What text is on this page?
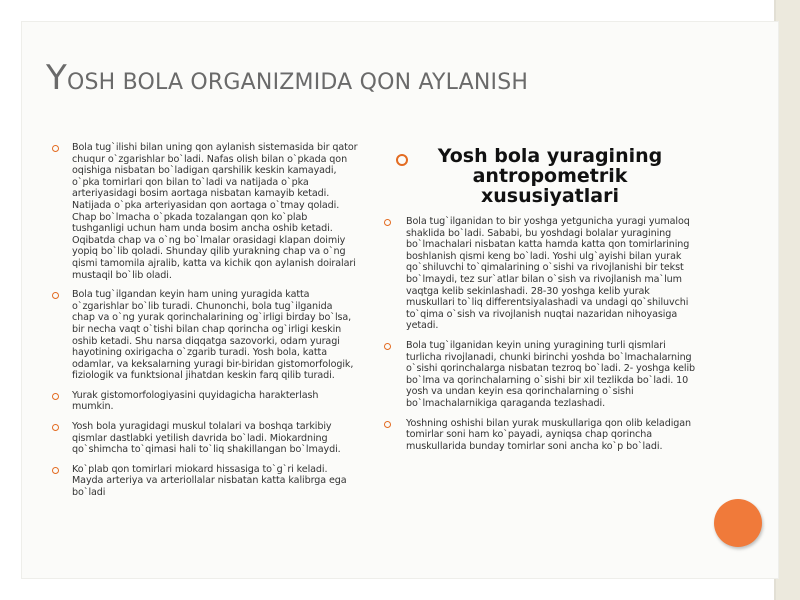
YOSH BOLA ORGANIZMIDA QON AYLANISH
Bola tug`ilishi bilan uning qon aylanish sistemasida bir qator chuqur o`zgarishlar bo`ladi. Nafas olish bilan o`pkada qon oqishiga nisbatan bo`ladigan qarshilik keskin kamayadi, o`pka tomirlari qon bilan to`ladi va natijada o`pka arteriyasidagi bosim aortaga nisbatan kamayib ketadi. Natijada o`pka arteriyasidan qon aortaga o`tmay qoladi. Chap bo`lmacha o`pkada tozalangan qon ko`plab tushganligi uchun ham unda bosim ancha oshib ketadi. Oqibatda chap va o`ng bo`lmalar orasidagi klapan doimiy yopiq bo`lib qoladi. Shunday qilib yurakning chap va o`ng qismi tamomila ajralib, katta va kichik qon aylanish doiralari mustaqil bo`lib oladi.
Bola tug`ilgandan keyin ham uning yuragida katta o`zgarishlar bo`lib turadi. Chunonchi, bola tug`ilganida chap va o`ng yurak qorinchalarining og`irligi birday bo`lsa, bir necha vaqt o`tishi bilan chap qorincha og`irligi keskin oshib ketadi. Shu narsa diqqatga sazovorki, odam yuragi hayotining oxirigacha o`zgarib turadi. Yosh bola, katta odamlar, va keksalarning yuragi bir-biridan gistomorfologik, fiziologik va funktsional jihatdan keskin farq qilib turadi.
Yurak gistomorfologiyasini quyidagicha harakterlash mumkin.
Yosh bola yuragidagi muskul tolalari va boshqa tarkibiy qismlar dastlabki yetilish davrida bo`ladi. Miokardning qo`shimcha to`qimasi hali to`liq shakillangan bo`lmaydi.
Ko`plab qon tomirlari miokard hissasiga to`g`ri keladi. Mayda arteriya va arteriollalar nisbatan katta kalibrga ega bo`ladi
Yosh bola yuragining antropometrik xususiyatlari
Bola tug`ilganidan to bir yoshga yetgunicha yuragi yumaloq shaklida bo`ladi. Sababi, bu yoshdagi bolalar yuragining bo`lmachalari nisbatan katta hamda katta qon tomirlarining boshlanish qismi keng bo`ladi. Yoshi ulg`ayishi bilan yurak qo`shiluvchi to`qimalarining o`sishi va rivojlanishi bir tekst bo`lmaydi, tez sur`atlar bilan o`sish va rivojlanish ma`lum vaqtga kelib sekinlashadi. 28-30 yoshga kelib yurak muskullari to`liq differentsiyalashadi va undagi qo`shiluvchi to`qima o`sish va rivojlanish nuqtai nazaridan nihoyasiga yetadi.
Bola tug`ilganidan keyin uning yuragining turli qismlari turlicha rivojlanadi, chunki birinchi yoshda bo`lmachalarning o`sishi qorinchalarga nisbatan tezroq bo`ladi. 2- yoshga kelib bo`lma va qorinchalarning o`sishi bir xil tezlikda bo`ladi. 10 yosh va undan keyin esa qorinchalarning o`sishi bo`lmachalarnikiga qaraganda tezlashadi.
Yoshning oshishi bilan yurak muskullariga qon olib keladigan tomirlar soni ham ko`payadi, ayniqsa chap qorincha muskullarida bunday tomirlar soni ancha ko`p bo`ladi.
